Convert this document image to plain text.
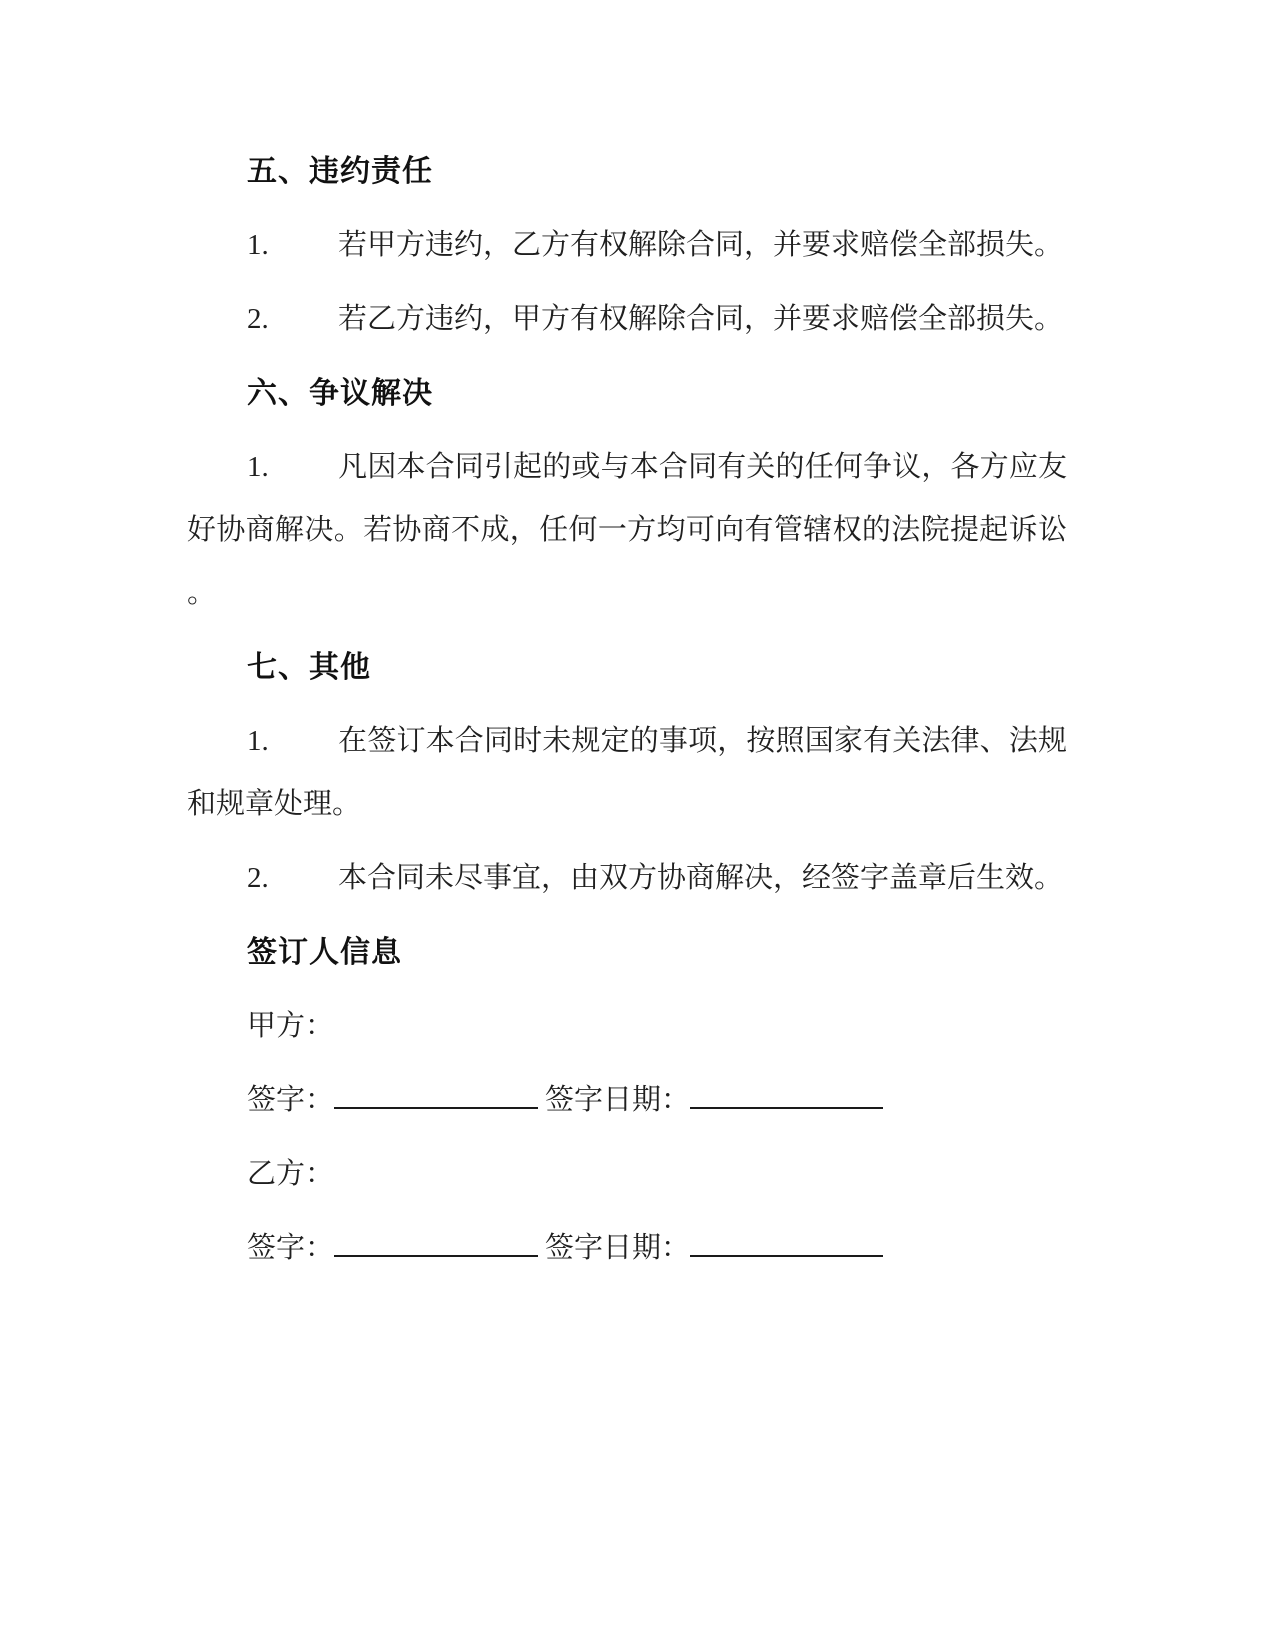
五、违约责任
1. 若甲方违约，乙方有权解除合同，并要求赔偿全部损失。
2. 若乙方违约，甲方有权解除合同，并要求赔偿全部损失。
六、争议解决
1. 凡因本合同引起的或与本合同有关的任何争议，各方应友
好协商解决。若协商不成，任何一方均可向有管辖权的法院提起诉讼
。
七、其他
1. 在签订本合同时未规定的事项，按照国家有关法律、法规
和规章处理。
2. 本合同未尽事宜，由双方协商解决，经签字盖章后生效。
签订人信息
甲方：
签字：	签字日期：
乙方：
签字：	签字日期：
